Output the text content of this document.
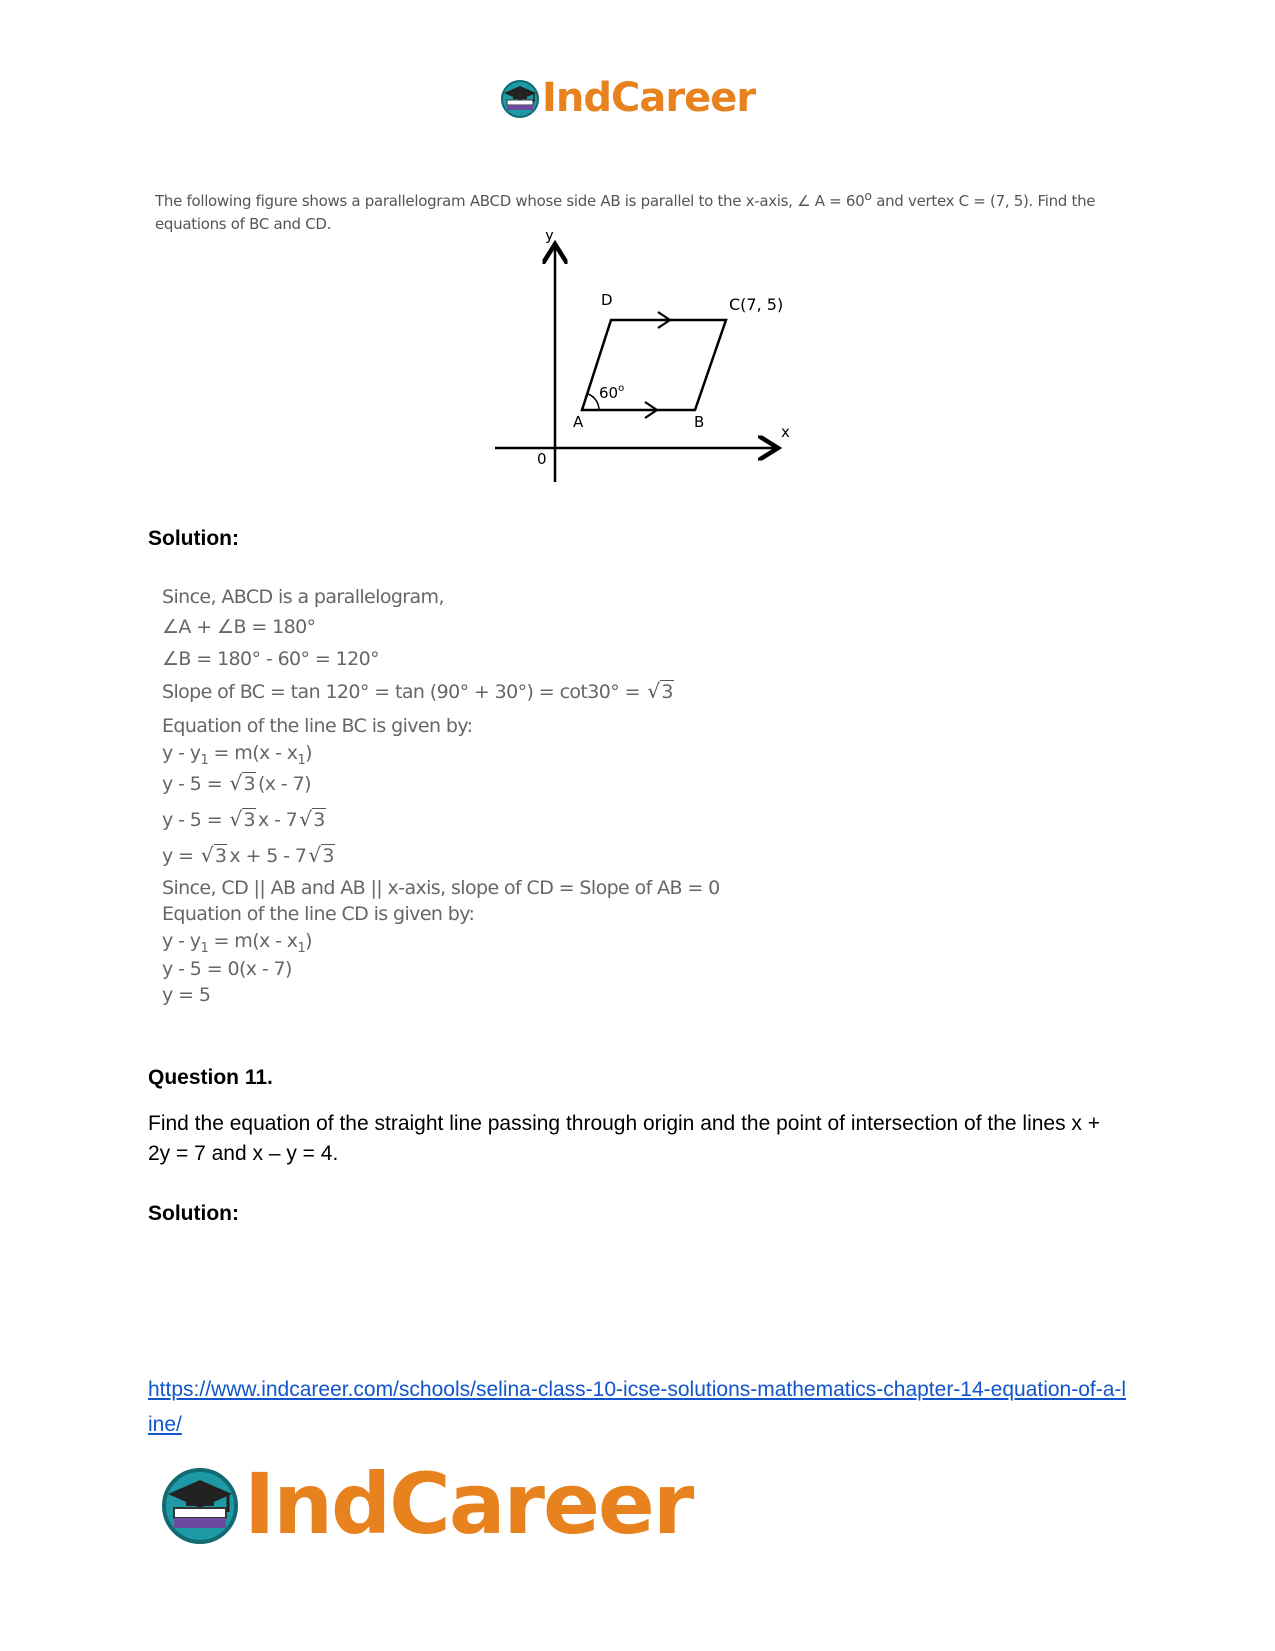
IndCareer
The following figure shows a parallelogram ABCD whose side AB is parallel to the x-axis, ∠ $A = 60^o$ and vertex C = (7, 5). Find the equations of BC and CD.
y
x
0
A	B
C(7, 5)
D
60$^o$
Solution:
Since, ABCD is a parallelogram,
∠A + ∠B = 180°
∠B = 180° - 60° = 120°
Slope of BC = tan 120° = tan (90° + 30°) = cot30° = √ 3
Equation of the line BC is given by:
$y - y_1 = m(x - x_1)$
y - 5 = √ 3 (x - 7)
y - 5 = √ 3 x - 7 √ 3
y = √ 3 x + 5 - 7 √ 3
Since, CD || AB and AB || x-axis, slope of CD = Slope of AB = 0
Equation of the line CD is given by:
$y - y_1 = m(x - x_1)$
y - 5 = 0(x - 7)
y = 5
Question 11.
Find the equation of the straight line passing through origin and the point of intersection of the lines x + 2y = 7 and x – y = 4.
Solution:
https://www.indcareer.com/schools/selina-class-10-icse-solutions-mathematics-chapter-14-equation-of-a-line/
IndCareer
